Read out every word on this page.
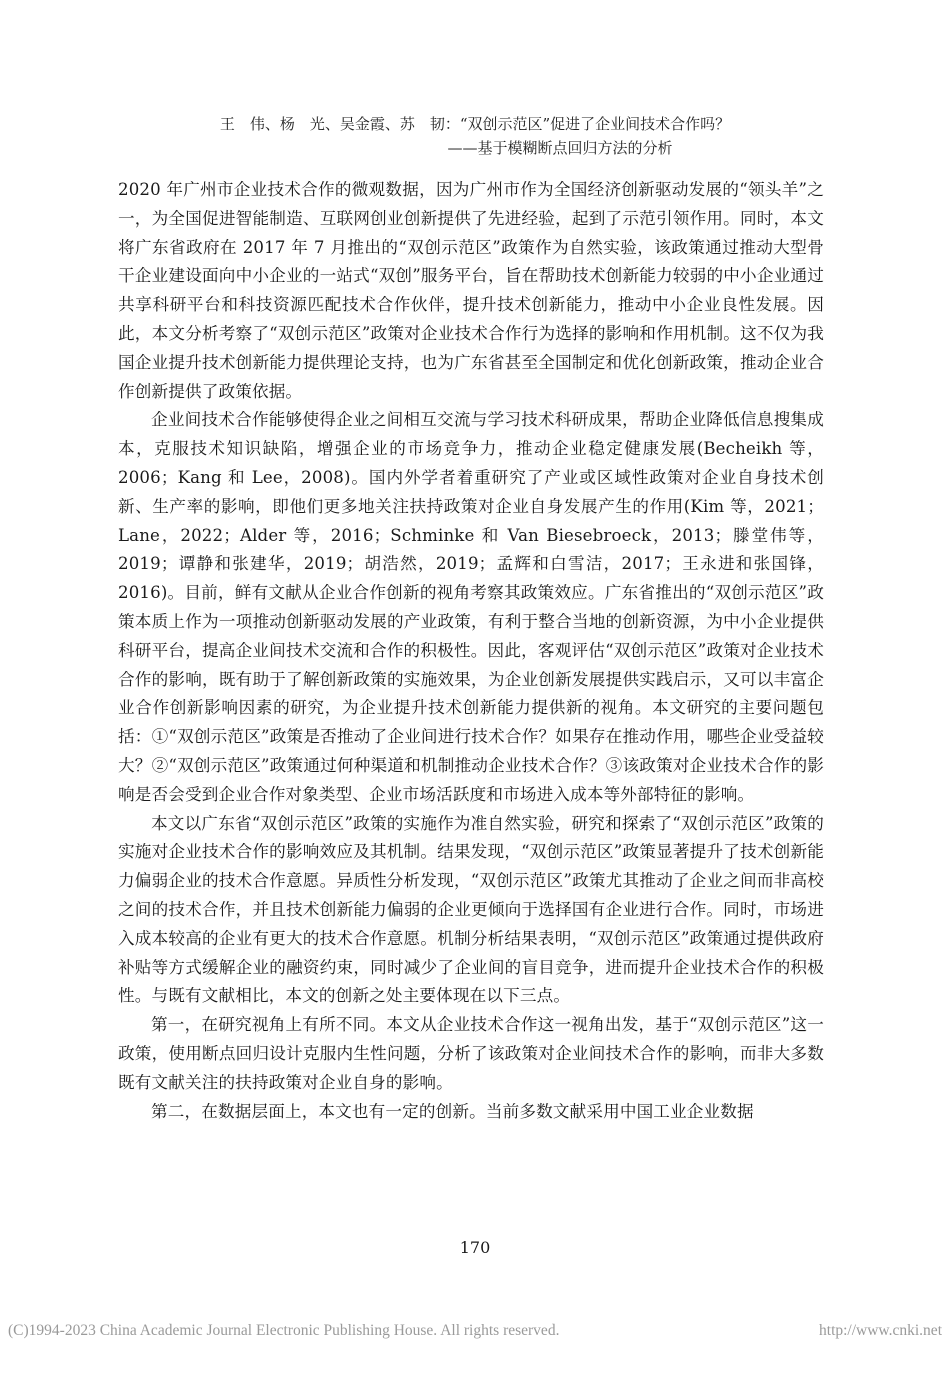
王　伟、杨　光、吴金霞、苏　韧：“双创示范区”促进了企业间技术合作吗？
——基于模糊断点回归方法的分析

2020 年广州市企业技术合作的微观数据，因为广州市作为全国经济创新驱动发展的“领头羊”之一，为全国促进智能制造、互联网创业创新提供了先进经验，起到了示范引领作用。同时，本文将广东省政府在 2017 年 7 月推出的“双创示范区”政策作为自然实验，该政策通过推动大型骨干企业建设面向中小企业的一站式“双创”服务平台，旨在帮助技术创新能力较弱的中小企业通过共享科研平台和科技资源匹配技术合作伙伴，提升技术创新能力，推动中小企业良性发展。因此，本文分析考察了“双创示范区”政策对企业技术合作行为选择的影响和作用机制。这不仅为我国企业提升技术创新能力提供理论支持，也为广东省甚至全国制定和优化创新政策，推动企业合作创新提供了政策依据。

企业间技术合作能够使得企业之间相互交流与学习技术科研成果，帮助企业降低信息搜集成本，克服技术知识缺陷，增强企业的市场竞争力，推动企业稳定健康发展(Becheikh 等，2006；Kang 和 Lee，2008)。国内外学者着重研究了产业或区域性政策对企业自身技术创新、生产率的影响，即他们更多地关注扶持政策对企业自身发展产生的作用(Kim 等，2021；Lane，2022；Alder 等，2016；Schminke 和 Van Biesebroeck，2013；滕堂伟等，2019；谭静和张建华，2019；胡浩然，2019；孟辉和白雪洁，2017；王永进和张国锋，2016)。目前，鲜有文献从企业合作创新的视角考察其政策效应。广东省推出的“双创示范区”政策本质上作为一项推动创新驱动发展的产业政策，有利于整合当地的创新资源，为中小企业提供科研平台，提高企业间技术交流和合作的积极性。因此，客观评估“双创示范区”政策对企业技术合作的影响，既有助于了解创新政策的实施效果，为企业创新发展提供实践启示，又可以丰富企业合作创新影响因素的研究，为企业提升技术创新能力提供新的视角。本文研究的主要问题包括：①“双创示范区”政策是否推动了企业间进行技术合作？如果存在推动作用，哪些企业受益较大？②“双创示范区”政策通过何种渠道和机制推动企业技术合作？③该政策对企业技术合作的影响是否会受到企业合作对象类型、企业市场活跃度和市场进入成本等外部特征的影响。

本文以广东省“双创示范区”政策的实施作为准自然实验，研究和探索了“双创示范区”政策的实施对企业技术合作的影响效应及其机制。结果发现，“双创示范区”政策显著提升了技术创新能力偏弱企业的技术合作意愿。异质性分析发现，“双创示范区”政策尤其推动了企业之间而非高校之间的技术合作，并且技术创新能力偏弱的企业更倾向于选择国有企业进行合作。同时，市场进入成本较高的企业有更大的技术合作意愿。机制分析结果表明，“双创示范区”政策通过提供政府补贴等方式缓解企业的融资约束，同时减少了企业间的盲目竞争，进而提升企业技术合作的积极性。与既有文献相比，本文的创新之处主要体现在以下三点。

第一，在研究视角上有所不同。本文从企业技术合作这一视角出发，基于“双创示范区”这一政策，使用断点回归设计克服内生性问题，分析了该政策对企业间技术合作的影响，而非大多数既有文献关注的扶持政策对企业自身的影响。

第二，在数据层面上，本文也有一定的创新。当前多数文献采用中国工业企业数据

170
(C)1994-2023 China Academic Journal Electronic Publishing House. All rights reserved.	http://www.cnki.net
